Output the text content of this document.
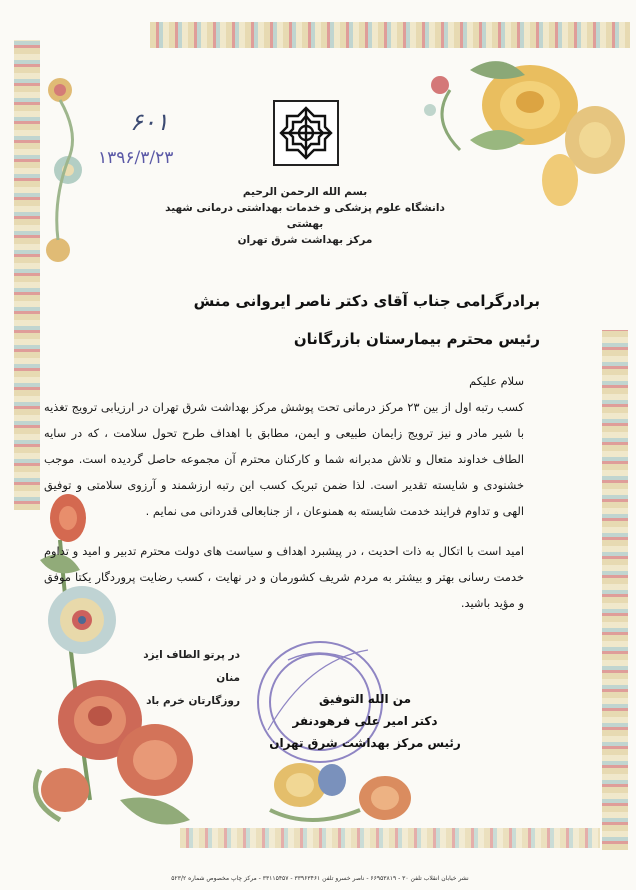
۶۰۱
۱۳۹۶/۳/۲۳
بسم الله الرحمن الرحیم
دانشگاه علوم پزشکی و خدمات بهداشتی درمانی شهید بهشتی
مرکز بهداشت شرق تهران
برادرگرامی جناب آقای دکتر ناصر ایروانی منش
رئیس محترم بیمارستان بازرگانان

سلام علیکم

کسب رتبه اول از بین ۲۳ مرکز درمانی تحت پوشش مرکز بهداشت شرق تهران در ارزیابی ترویج تغذیه با شیر مادر و نیز ترویج زایمان طبیعی و ایمن، مطابق با اهداف طرح تحول سلامت ، که در سایه الطاف خداوند متعال و تلاش مدبرانه شما و کارکنان محترم آن مجموعه حاصل گردیده است. موجب خشنودی و شایسته تقدیر است. لذا ضمن تبریک کسب این رتبه ارزشمند و آرزوی سلامتی و توفیق الهی و تداوم فرایند خدمت شایسته به همنوعان ، از جنابعالی قدردانی می نمایم .

امید است با اتکال به ذات احدیت ، در پیشبرد اهداف و سیاست های دولت محترم تدبیر و امید و تداوم خدمت رسانی بهتر و بیشتر به مردم شریف کشورمان و در نهایت ، کسب رضایت پروردگار یکتا موفق و مؤید باشید.

در پرتو الطاف ایزد منان
روزگارتان خرم باد	من الله التوفیق
دکتر امیر علی فرهودنفر
رئیس مرکز بهداشت شرق تهران
نشر خیابان انقلاب تلفن ۳۰ - ۶۶۹۵۳۸۱۹ - ناصر خسرو تلفن ۳۳۹۶۳۴۶۱ - ۳۳۱۱۵۴۵۷ - مرکز چاپ مخصوص شماره ۵۲۳/۲
